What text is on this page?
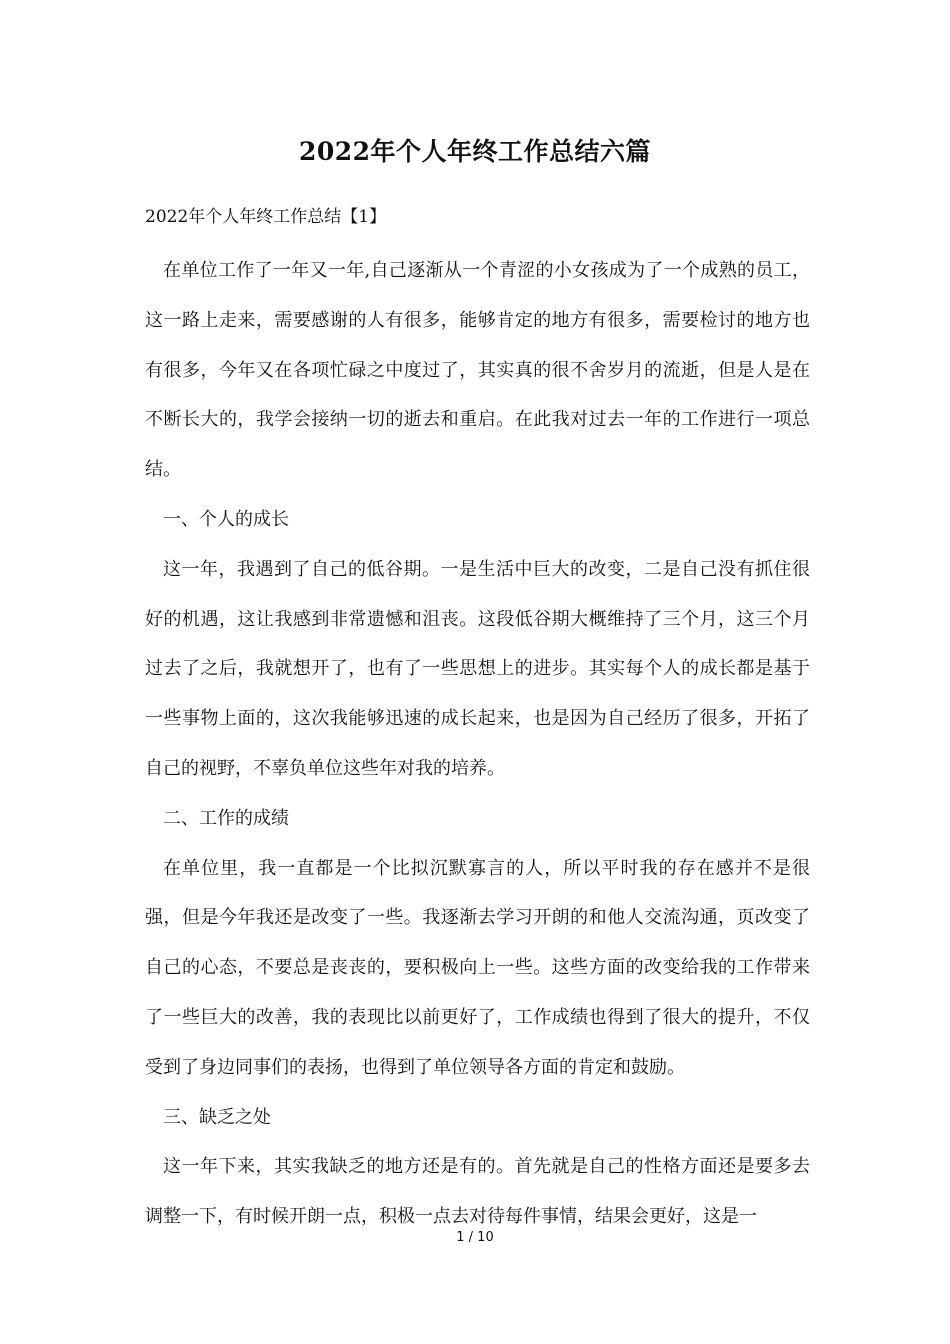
2022年个人年终工作总结六篇
2022年个人年终工作总结【1】

在单位工作了一年又一年,自己逐渐从一个青涩的小女孩成为了一个成熟的员工，这一路上走来，需要感谢的人有很多，能够肯定的地方有很多，需要检讨的地方也有很多，今年又在各项忙碌之中度过了，其实真的很不舍岁月的流逝，但是人是在不断长大的，我学会接纳一切的逝去和重启。在此我对过去一年的工作进行一项总结。

一、个人的成长

这一年，我遇到了自己的低谷期。一是生活中巨大的改变，二是自己没有抓住很好的机遇，这让我感到非常遗憾和沮丧。这段低谷期大概维持了三个月，这三个月过去了之后，我就想开了，也有了一些思想上的进步。其实每个人的成长都是基于一些事物上面的，这次我能够迅速的成长起来，也是因为自己经历了很多，开拓了自己的视野，不辜负单位这些年对我的培养。

二、工作的成绩

在单位里，我一直都是一个比拟沉默寡言的人，所以平时我的存在感并不是很强，但是今年我还是改变了一些。我逐渐去学习开朗的和他人交流沟通，页改变了自己的心态，不要总是丧丧的，要积极向上一些。这些方面的改变给我的工作带来了一些巨大的改善，我的表现比以前更好了，工作成绩也得到了很大的提升，不仅受到了身边同事们的表扬，也得到了单位领导各方面的肯定和鼓励。

三、缺乏之处

这一年下来，其实我缺乏的地方还是有的。首先就是自己的性格方面还是要多去调整一下，有时候开朗一点，积极一点去对待每件事情，结果会更好，这是一

1 / 10
